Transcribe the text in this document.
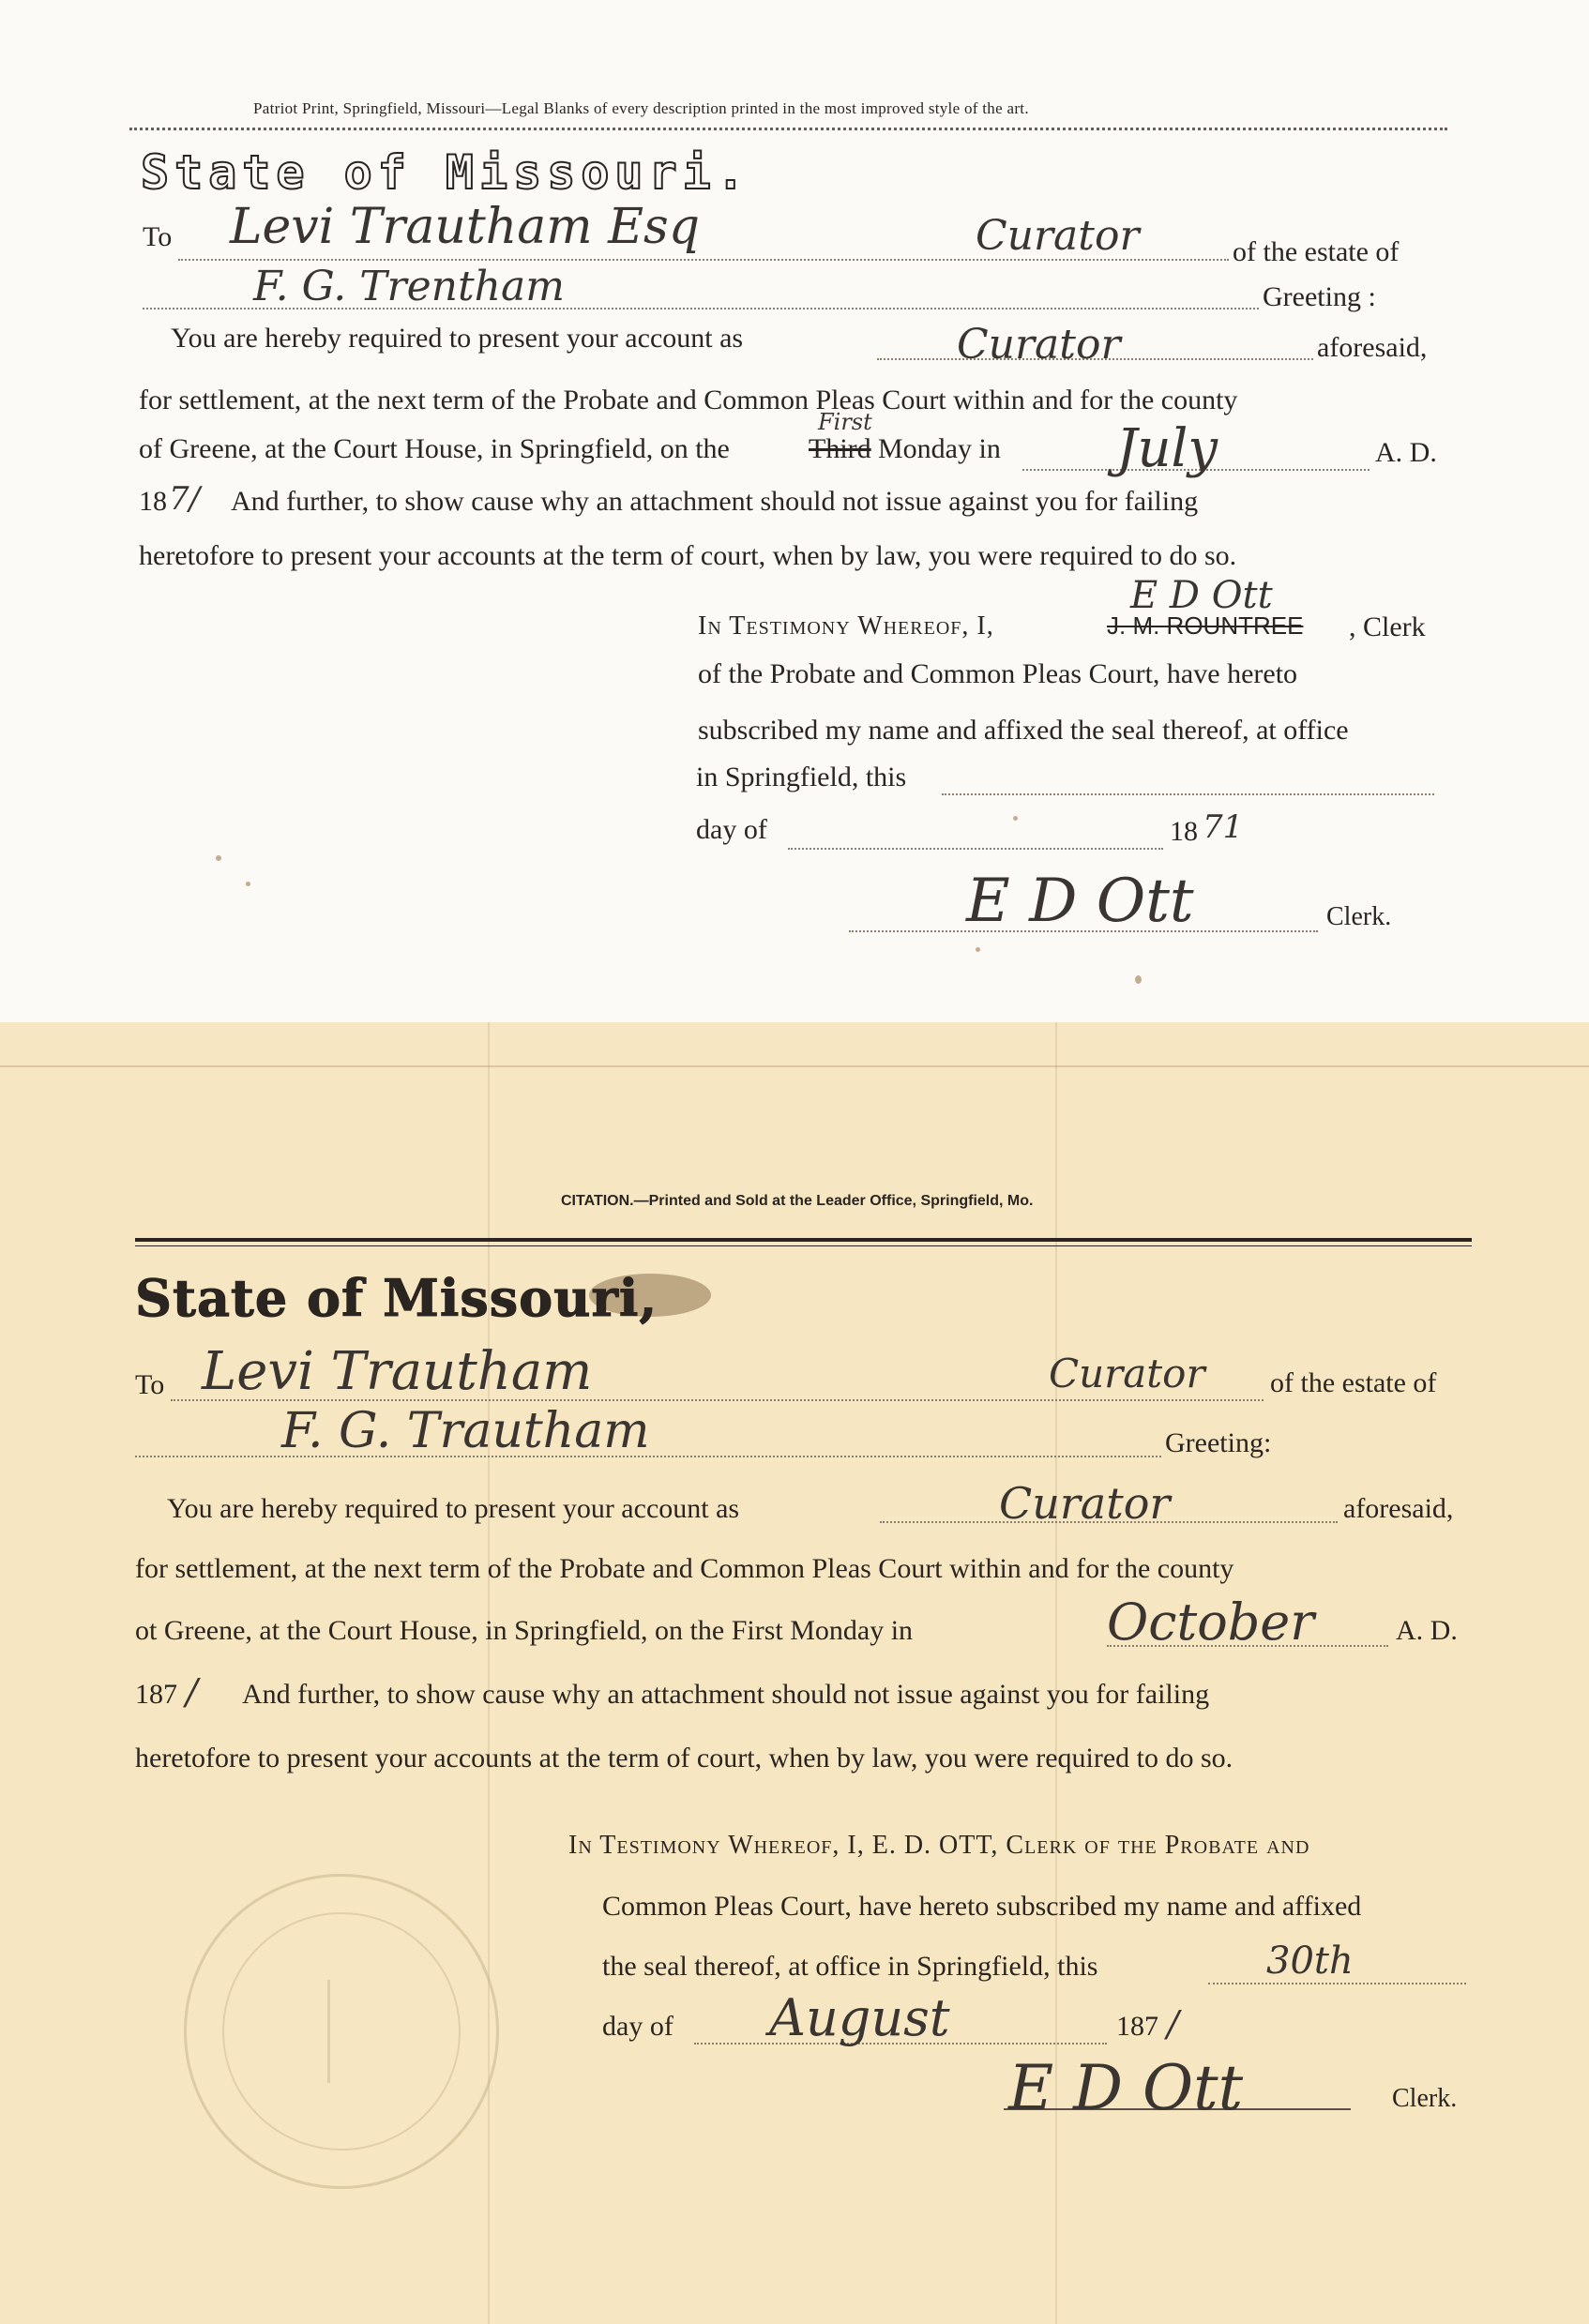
Patriot Print, Springfield, Missouri—Legal Blanks of every description printed in the most improved style of the art.
State of Missouri.
To Levi Trautham Esq	Curator	of the estate of
F. G. Trentham	Greeting :
You are hereby required to present your account as	Curator	aforesaid,
for settlement, at the next term of the Probate and Common Pleas Court within and for the county
of Greene, at the Court House, in Springfield, on the
First
Third Monday in July	A. D.
18 7/ And further, to show cause why an attachment should not issue against you for failing
heretofore to present your accounts at the term of court, when by law, you were required to do so.
In Testimony Whereof, I,
E D Ott
J. M. ROUNTREE , Clerk
of the Probate and Common Pleas Court, have hereto
subscribed my name and affixed the seal thereof, at office
in Springfield, this
day of	18 71
E D Ott	Clerk.
CITATION.—Printed and Sold at the Leader Office, Springfield, Mo.
State of Missouri,
To Levi Trautham	Curator of the estate of
F. G. Trautham	Greeting:
You are hereby required to present your account as	Curator	aforesaid,
for settlement, at the next term of the Probate and Common Pleas Court within and for the county
ot Greene, at the Court House, in Springfield, on the First Monday in	October	A. D.
187 / And further, to show cause why an attachment should not issue against you for failing
heretofore to present your accounts at the term of court, when by law, you were required to do so.
In Testimony Whereof, I, E. D. OTT, Clerk of the Probate and
Common Pleas Court, have hereto subscribed my name and affixed
the seal thereof, at office in Springfield, this	30th
day of August	187 /
E D Ott	Clerk.
